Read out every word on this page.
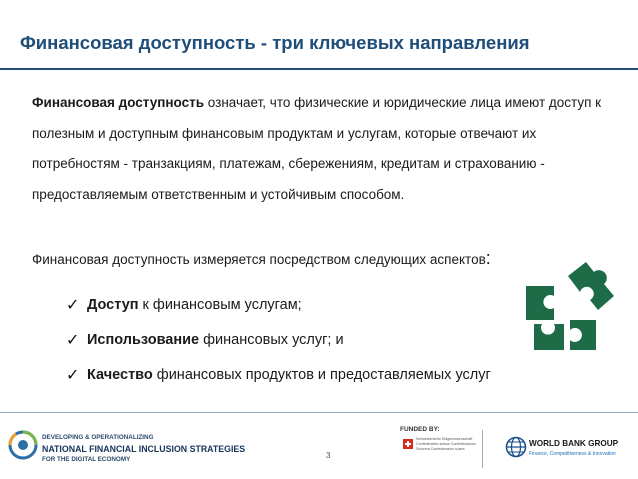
Финансовая доступность - три ключевых направления
Финансовая доступность означает, что физические и юридические лица имеют доступ к полезным и доступным финансовым продуктам и услугам, которые отвечают их потребностям - транзакциям, платежам, сбережениям, кредитам и страхованию - предоставляемым ответственным и устойчивым способом.
Финансовая доступность измеряется посредством следующих аспектов:
✓ Доступ к финансовым услугам;
✓ Использование финансовых услуг; и
✓ Качество финансовых продуктов и предоставляемых услуг
DEVELOPING & OPERATIONALIZING
NATIONAL FINANCIAL INCLUSION STRATEGIES
FOR THE DIGITAL ECONOMY	3
FUNDED BY:
Schweizerische Eidgenossenschaft Confédération suisse Confederazione Svizzera Confederaziun svizra
WORLD BANK GROUP
Finance, Competitiveness & Innovation
